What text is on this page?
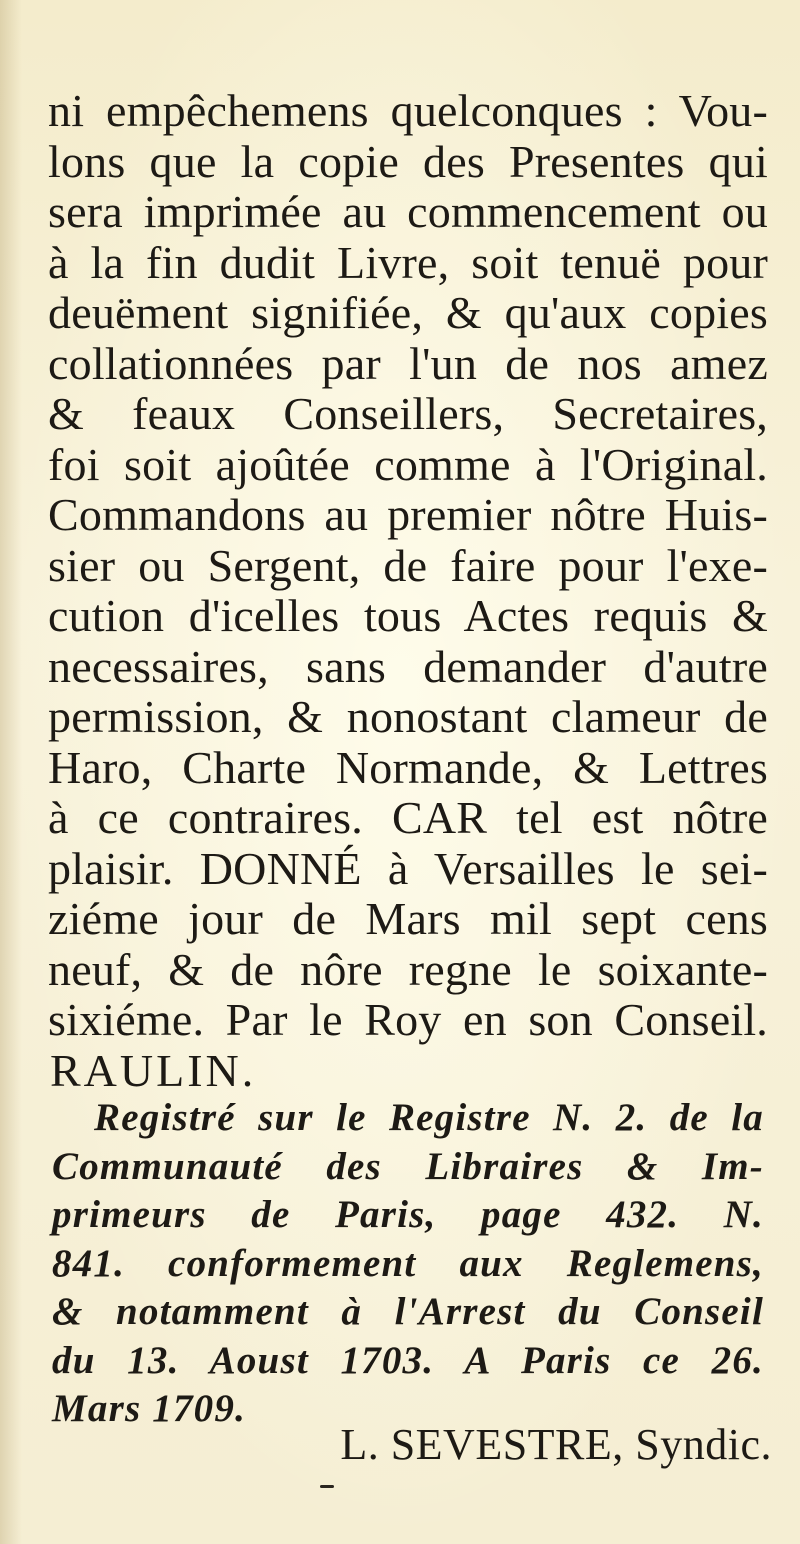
ni empêchemens quelconques : Vou-
lons que la copie des Presentes qui
sera imprimée au commencement ou
à la fin dudit Livre, soit tenuë pour
deuëment signifiée, & qu'aux copies
collationnées par l'un de nos amez
& feaux Conseillers, Secretaires,
foi soit ajoûtée comme à l'Original.
Commandons au premier nôtre Huis-
sier ou Sergent, de faire pour l'exe-
cution d'icelles tous Actes requis &
necessaires, sans demander d'autre
permission, & nonostant clameur de
Haro, Charte Normande, & Lettres
à ce contraires. CAR tel est nôtre
plaisir. DONNÉ à Versailles le sei-
ziéme jour de Mars mil sept cens
neuf, & de nôre regne le soixante-
sixiéme. Par le Roy en son Conseil.
RAULIN.
Registré sur le Registre N. 2. de la
Communauté des Libraires & Im-
primeurs de Paris, page 432. N.
841. conformement aux Reglemens,
& notamment à l'Arrest du Conseil
du 13. Aoust 1703. A Paris ce 26.
Mars 1709.
L. SEVESTRE, Syndic.
